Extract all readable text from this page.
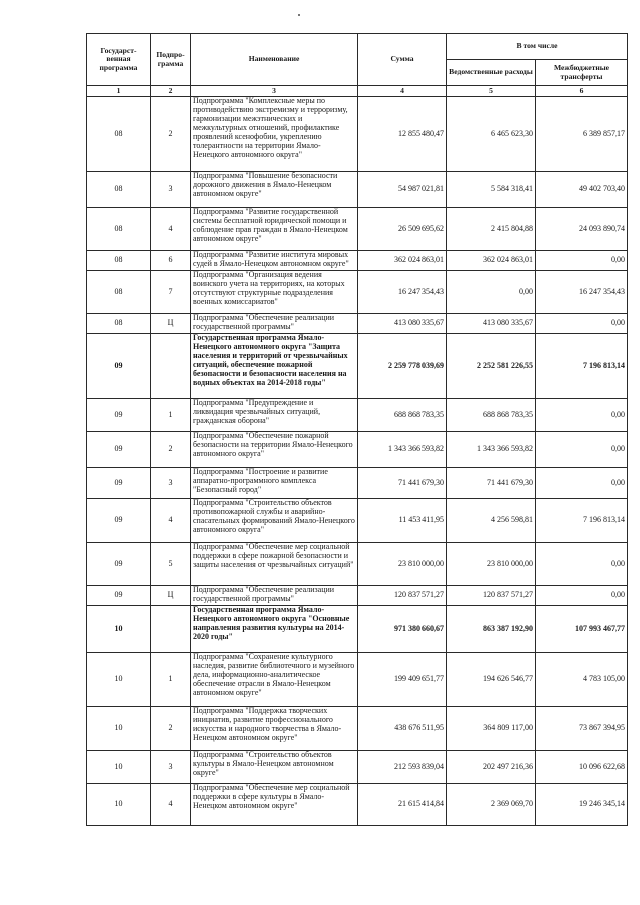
Государст-венная программа	Подпро-грамма	Наименование	Сумма	В том числе	
				Ведомственные расходы	Межбюджетные трансферты
1	2	3	4	5	6
08	2	Подпрограмма "Комплексные меры по противодействию экстремизму и терроризму, гармонизации межэтнических и межкультурных отношений, профилактике проявлений ксенофобии, укреплению толерантности на территории Ямало-Ненецкого автономного округа"	12 855 480,47	6 465 623,30	6 389 857,17
08	3	Подпрограмма "Повышение безопасности дорожного движения в Ямало-Ненецком автономном округе"	54 987 021,81	5 584 318,41	49 402 703,40
08	4	Подпрограмма "Развитие государственной системы бесплатной юридической помощи и соблюдение прав граждан в Ямало-Ненецком автономном округе"	26 509 695,62	2 415 804,88	24 093 890,74
08	6	Подпрограмма "Развитие института мировых судей в Ямало-Ненецком автономном округе"	362 024 863,01	362 024 863,01	0,00
08	7	Подпрограмма "Организация ведения воинского учета на территориях, на которых отсутствуют структурные подразделения военных комиссариатов"	16 247 354,43	0,00	16 247 354,43
08	Ц	Подпрограмма "Обеспечение реализации государственной программы"	413 080 335,67	413 080 335,67	0,00
09		Государственная программа Ямало-Ненецкого автономного округа "Защита населения и территорий от чрезвычайных ситуаций, обеспечение пожарной безопасности и безопасности населения на водных объектах на 2014-2018 годы"	2 259 778 039,69	2 252 581 226,55	7 196 813,14
09	1	Подпрограмма "Предупреждение и ликвидация чрезвычайных ситуаций, гражданская оборона"	688 868 783,35	688 868 783,35	0,00
09	2	Подпрограмма "Обеспечение пожарной безопасности на территории Ямало-Ненецкого автономного округа"	1 343 366 593,82	1 343 366 593,82	0,00
09	3	Подпрограмма "Построение и развитие аппаратно-программного комплекса "Безопасный город"	71 441 679,30	71 441 679,30	0,00
09	4	Подпрограмма "Строительство объектов противопожарной службы и аварийно-спасательных формирований Ямало-Ненецкого автономного округа"	11 453 411,95	4 256 598,81	7 196 813,14
09	5	Подпрограмма "Обеспечение мер социальной поддержки в сфере пожарной безопасности и защиты населения от чрезвычайных ситуаций"	23 810 000,00	23 810 000,00	0,00
09	Ц	Подпрограмма "Обеспечение реализации государственной программы"	120 837 571,27	120 837 571,27	0,00
10		Государственная программа Ямало-Ненецкого автономного округа "Основные направления развития культуры на 2014-2020 годы"	971 380 660,67	863 387 192,90	107 993 467,77
10	1	Подпрограмма "Сохранение культурного наследия, развитие библиотечного и музейного дела, информационно-аналитическое обеспечение отрасли в Ямало-Ненецком автономном округе"	199 409 651,77	194 626 546,77	4 783 105,00
10	2	Подпрограмма "Поддержка творческих инициатив, развитие профессионального искусства и народного творчества в Ямало-Ненецком автономном округе"	438 676 511,95	364 809 117,00	73 867 394,95
10	3	Подпрограмма "Строительство объектов культуры в Ямало-Ненецком автономном округе"	212 593 839,04	202 497 216,36	10 096 622,68
10	4	Подпрограмма "Обеспечение мер социальной поддержки в сфере культуры в Ямало-Ненецком автономном округе"	21 615 414,84	2 369 069,70	19 246 345,14
